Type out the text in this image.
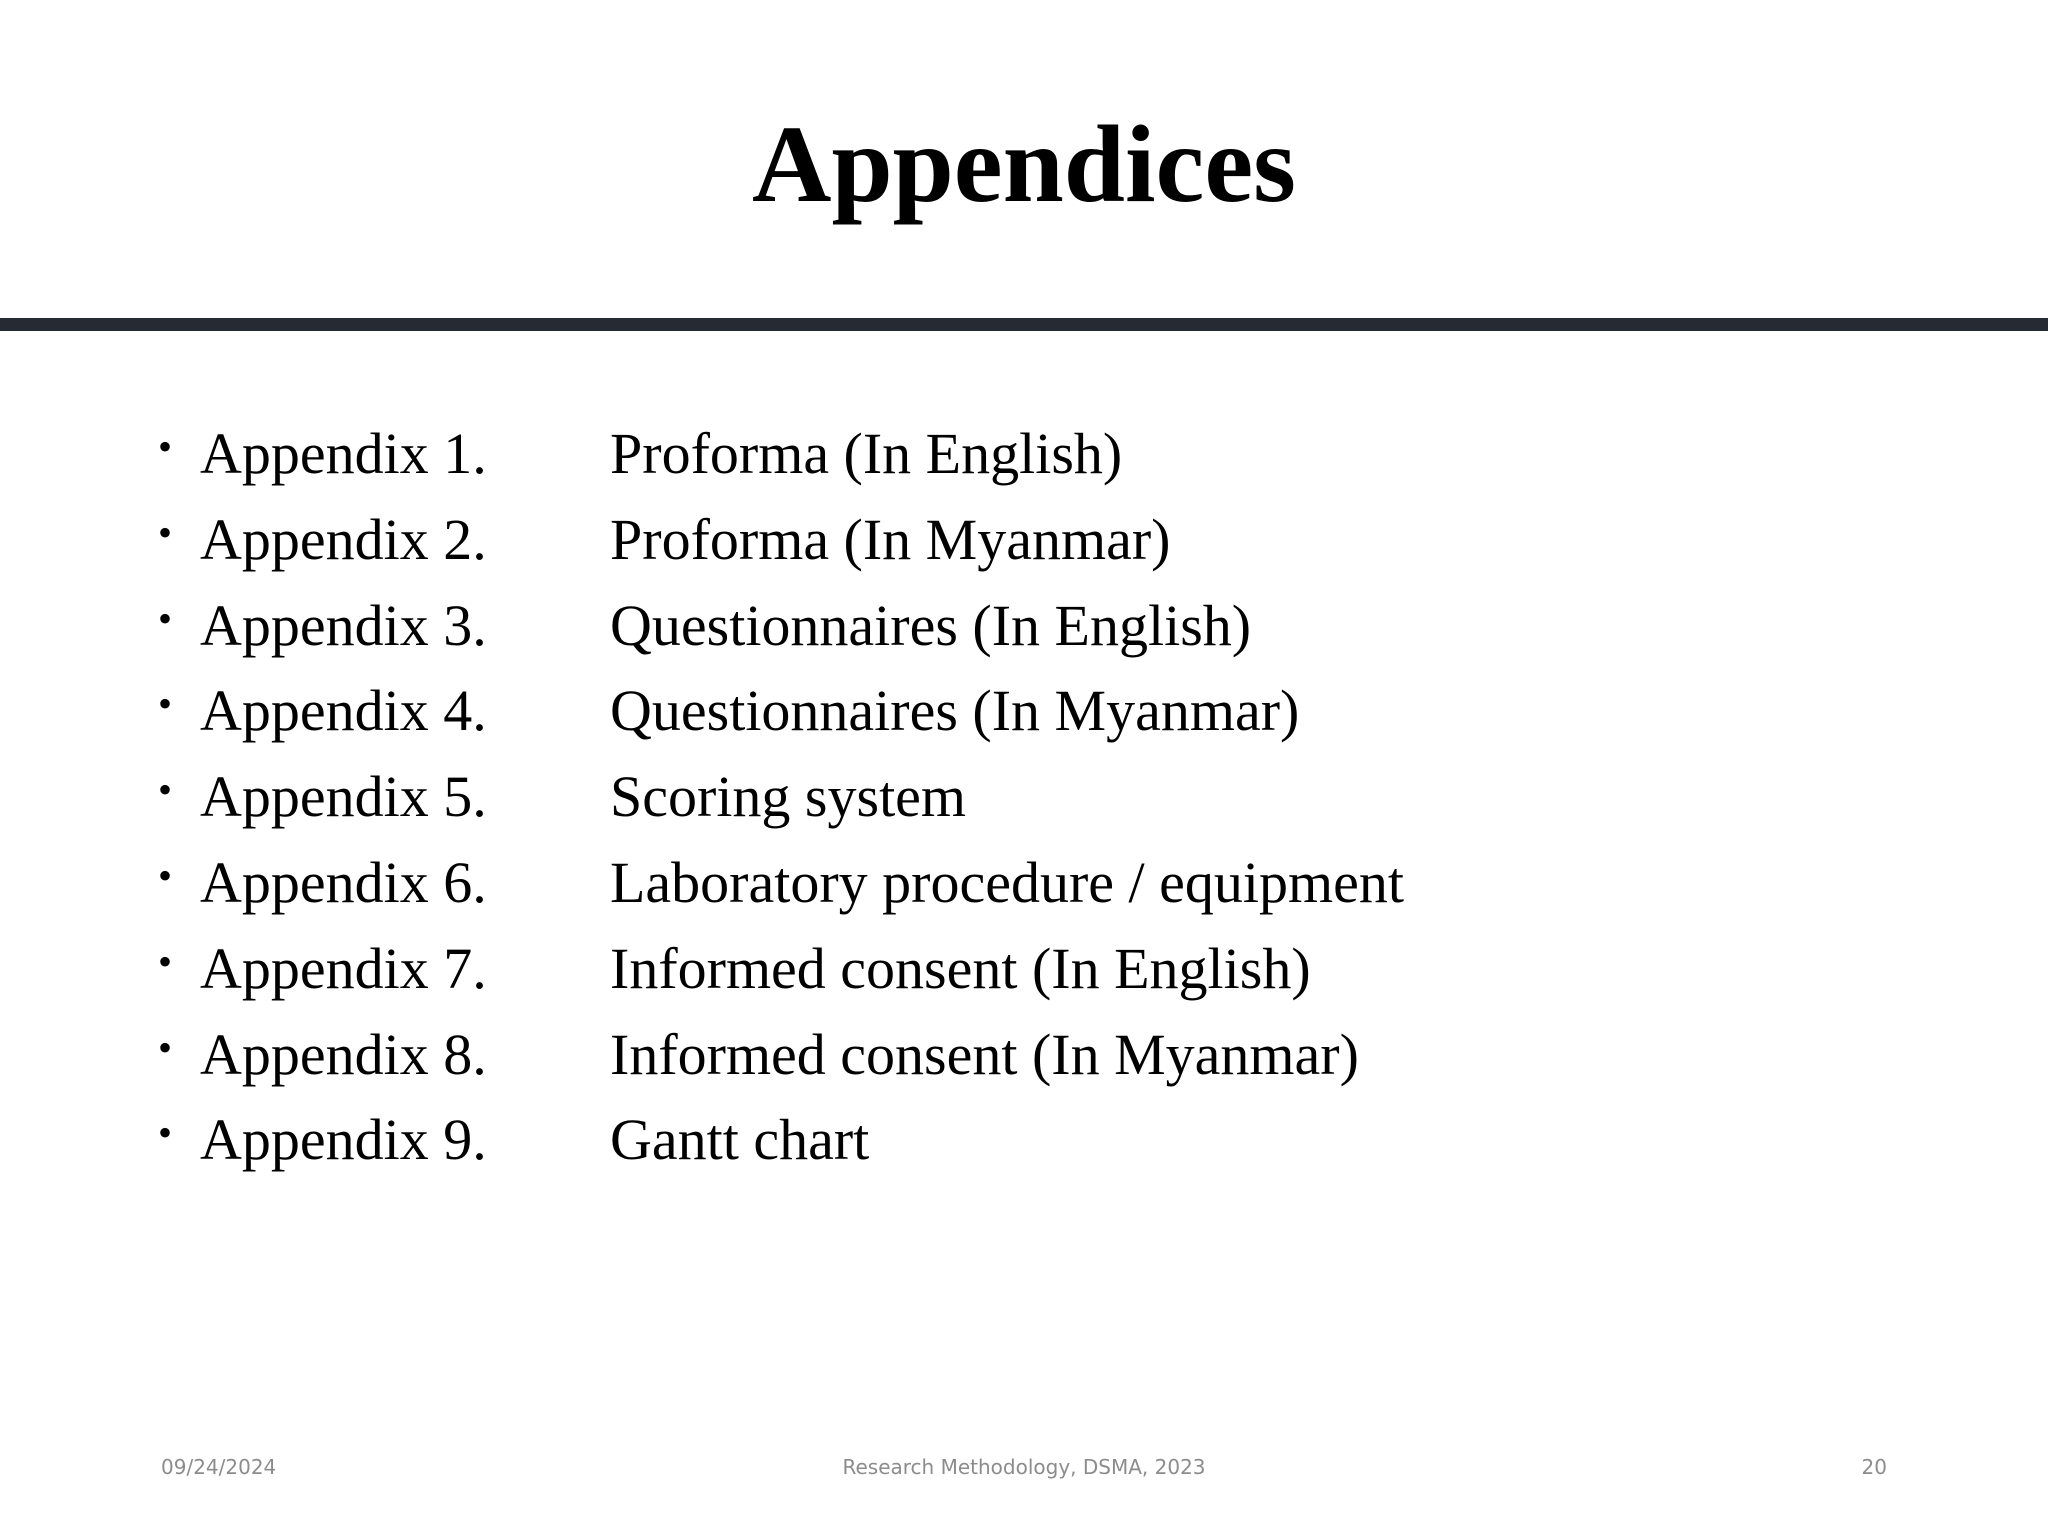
Appendices
• Appendix 1. Proforma (In English)
• Appendix 2. Proforma (In Myanmar)
• Appendix 3. Questionnaires (In English)
• Appendix 4. Questionnaires (In Myanmar)
• Appendix 5. Scoring system
• Appendix 6. Laboratory procedure / equipment
• Appendix 7. Informed consent (In English)
• Appendix 8. Informed consent (In Myanmar)
• Appendix 9. Gantt chart
09/24/2024	Research Methodology, DSMA, 2023	20
